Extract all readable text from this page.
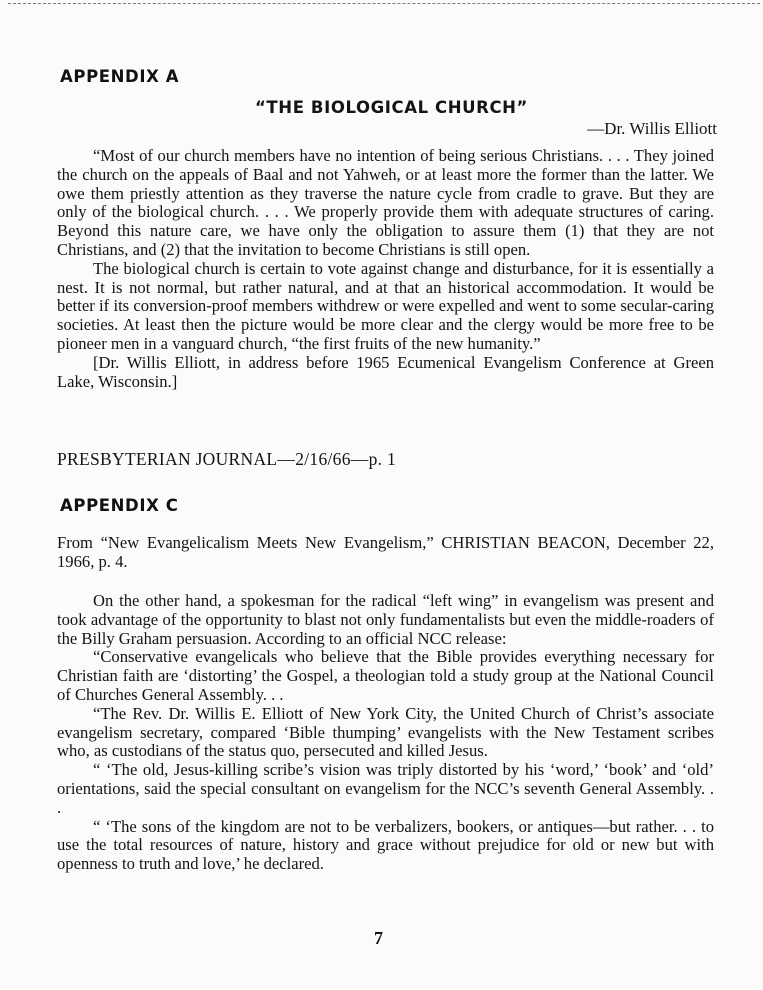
APPENDIX A
“THE BIOLOGICAL CHURCH”
—Dr. Willis Elliott

“Most of our church members have no intention of being serious Christians. . . . They joined the church on the appeals of Baal and not Yahweh, or at least more the former than the latter. We owe them priestly attention as they traverse the nature cycle from cradle to grave. But they are only of the biological church. . . . We properly provide them with adequate structures of caring. Beyond this nature care, we have only the obligation to assure them (1) that they are not Christians, and (2) that the invitation to become Christians is still open.

The biological church is certain to vote against change and disturbance, for it is essentially a nest. It is not normal, but rather natural, and at that an historical accommodation. It would be better if its conversion-proof members withdrew or were expelled and went to some secular-caring societies. At least then the picture would be more clear and the clergy would be more free to be pioneer men in a vanguard church, “the first fruits of the new humanity.”

[Dr. Willis Elliott, in address before 1965 Ecumenical Evangelism Conference at Green Lake, Wisconsin.]

PRESBYTERIAN JOURNAL—2/16/66—p. 1
APPENDIX C

From “New Evangelicalism Meets New Evangelism,” CHRISTIAN BEACON, December 22, 1966, p. 4.

On the other hand, a spokesman for the radical “left wing” in evangelism was present and took advantage of the opportunity to blast not only fundamentalists but even the middle-roaders of the Billy Graham persuasion. According to an official NCC release:

“Conservative evangelicals who believe that the Bible provides everything necessary for Christian faith are ‘distorting’ the Gospel, a theologian told a study group at the National Council of Churches General Assembly. . .

“The Rev. Dr. Willis E. Elliott of New York City, the United Church of Christ’s associate evangelism secretary, compared ‘Bible thumping’ evangelists with the New Testament scribes who, as custodians of the status quo, persecuted and killed Jesus.

“ ‘The old, Jesus-killing scribe’s vision was triply distorted by his ‘word,’ ‘book’ and ‘old’ orientations, said the special consultant on evangelism for the NCC’s seventh General Assembly. . .

“ ‘The sons of the kingdom are not to be verbalizers, bookers, or antiques—but rather. . . to use the total resources of nature, history and grace without prejudice for old or new but with openness to truth and love,’ he declared.

7
